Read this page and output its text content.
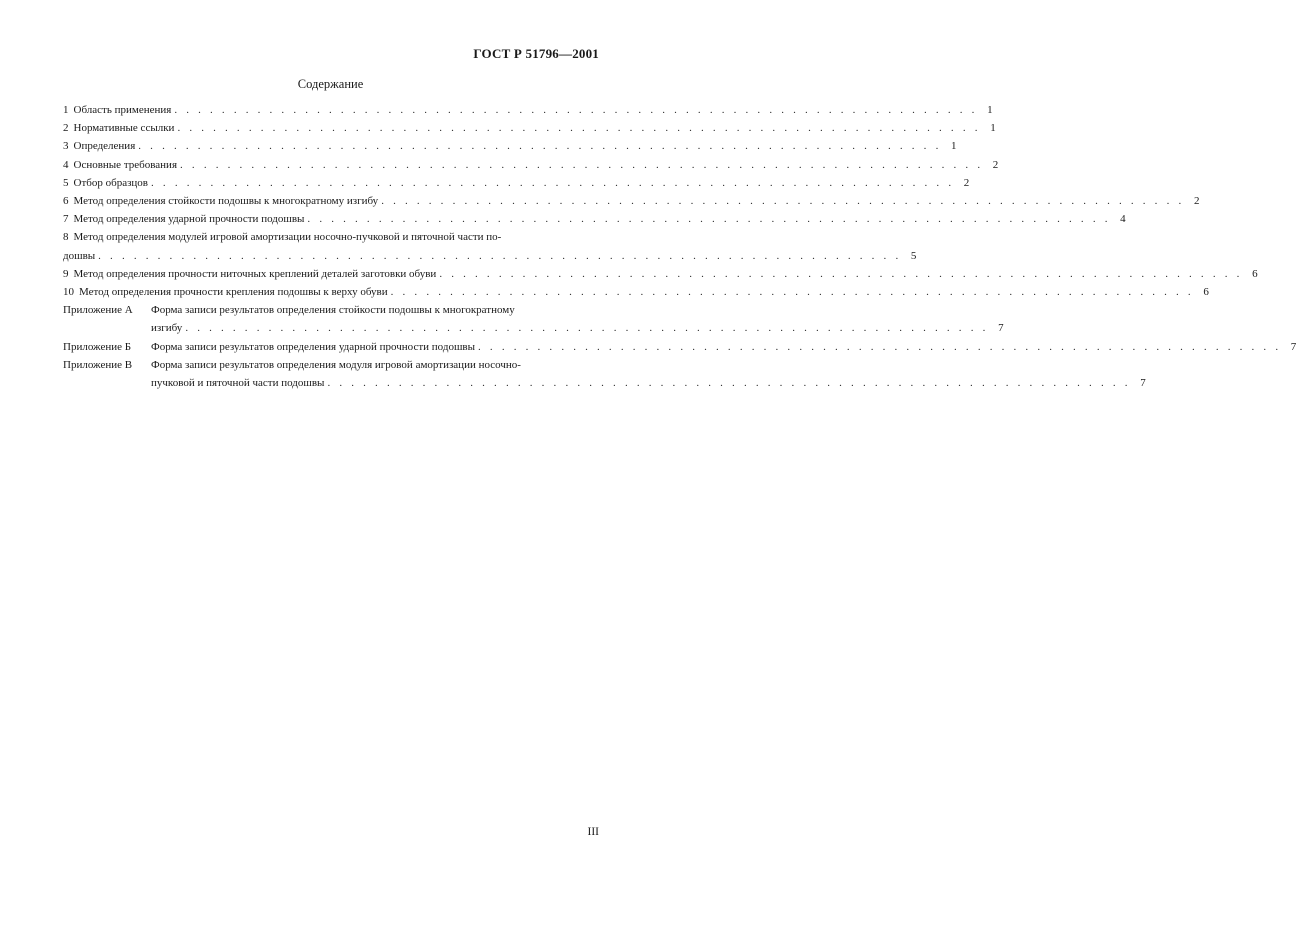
ГОСТ Р 51796—2001
Содержание
1 Область применения . . . . . . . . . . . . . . . . . . . . . . . . . . . . . . . . . . . . . . . . . . . . . . . . . . . . . . . . . . . . . . . . . . . . 1
2 Нормативные ссылки . . . . . . . . . . . . . . . . . . . . . . . . . . . . . . . . . . . . . . . . . . . . . . . . . . . . . . . . . . . . . . . . . . . . 1
3 Определения . . . . . . . . . . . . . . . . . . . . . . . . . . . . . . . . . . . . . . . . . . . . . . . . . . . . . . . . . . . . . . . . . . . . 1
4 Основные требования . . . . . . . . . . . . . . . . . . . . . . . . . . . . . . . . . . . . . . . . . . . . . . . . . . . . . . . . . . . . . . . . . . . . 2
5 Отбор образцов . . . . . . . . . . . . . . . . . . . . . . . . . . . . . . . . . . . . . . . . . . . . . . . . . . . . . . . . . . . . . . . . . . . . 2
6 Метод определения стойкости подошвы к многократному изгибу . . . . . . . . . . . . . . . . . . . . . . . . . . . . . . . . . . . . . . . . . . . . . . . . . . . . . . . . . . . . . . . . . . . . 2
7 Метод определения ударной прочности подошвы . . . . . . . . . . . . . . . . . . . . . . . . . . . . . . . . . . . . . . . . . . . . . . . . . . . . . . . . . . . . . . . . . . . . 4
8 Метод определения модулей игровой амортизации носочно-пучковой и пяточной части по-
дошвы . . . . . . . . . . . . . . . . . . . . . . . . . . . . . . . . . . . . . . . . . . . . . . . . . . . . . . . . . . . . . . . . . . . . 5
9 Метод определения прочности ниточных креплений деталей заготовки обуви . . . . . . . . . . . . . . . . . . . . . . . . . . . . . . . . . . . . . . . . . . . . . . . . . . . . . . . . . . . . . . . . . . . . 6
10 Метод определения прочности крепления подошвы к верху обуви . . . . . . . . . . . . . . . . . . . . . . . . . . . . . . . . . . . . . . . . . . . . . . . . . . . . . . . . . . . . . . . . . . . . 6
Приложение А	Форма записи результатов определения стойкости подошвы к многократному
изгибу . . . . . . . . . . . . . . . . . . . . . . . . . . . . . . . . . . . . . . . . . . . . . . . . . . . . . . . . . . . . . . . . . . . . 7
Приложение Б	Форма записи результатов определения ударной прочности подошвы . . . . . . . . . . . . . . . . . . . . . . . . . . . . . . . . . . . . . . . . . . . . . . . . . . . . . . . . . . . . . . . . . . . . 7
Приложение В	Форма записи результатов определения модуля игровой амортизации носочно-
пучковой и пяточной части подошвы . . . . . . . . . . . . . . . . . . . . . . . . . . . . . . . . . . . . . . . . . . . . . . . . . . . . . . . . . . . . . . . . . . . . 7
III
